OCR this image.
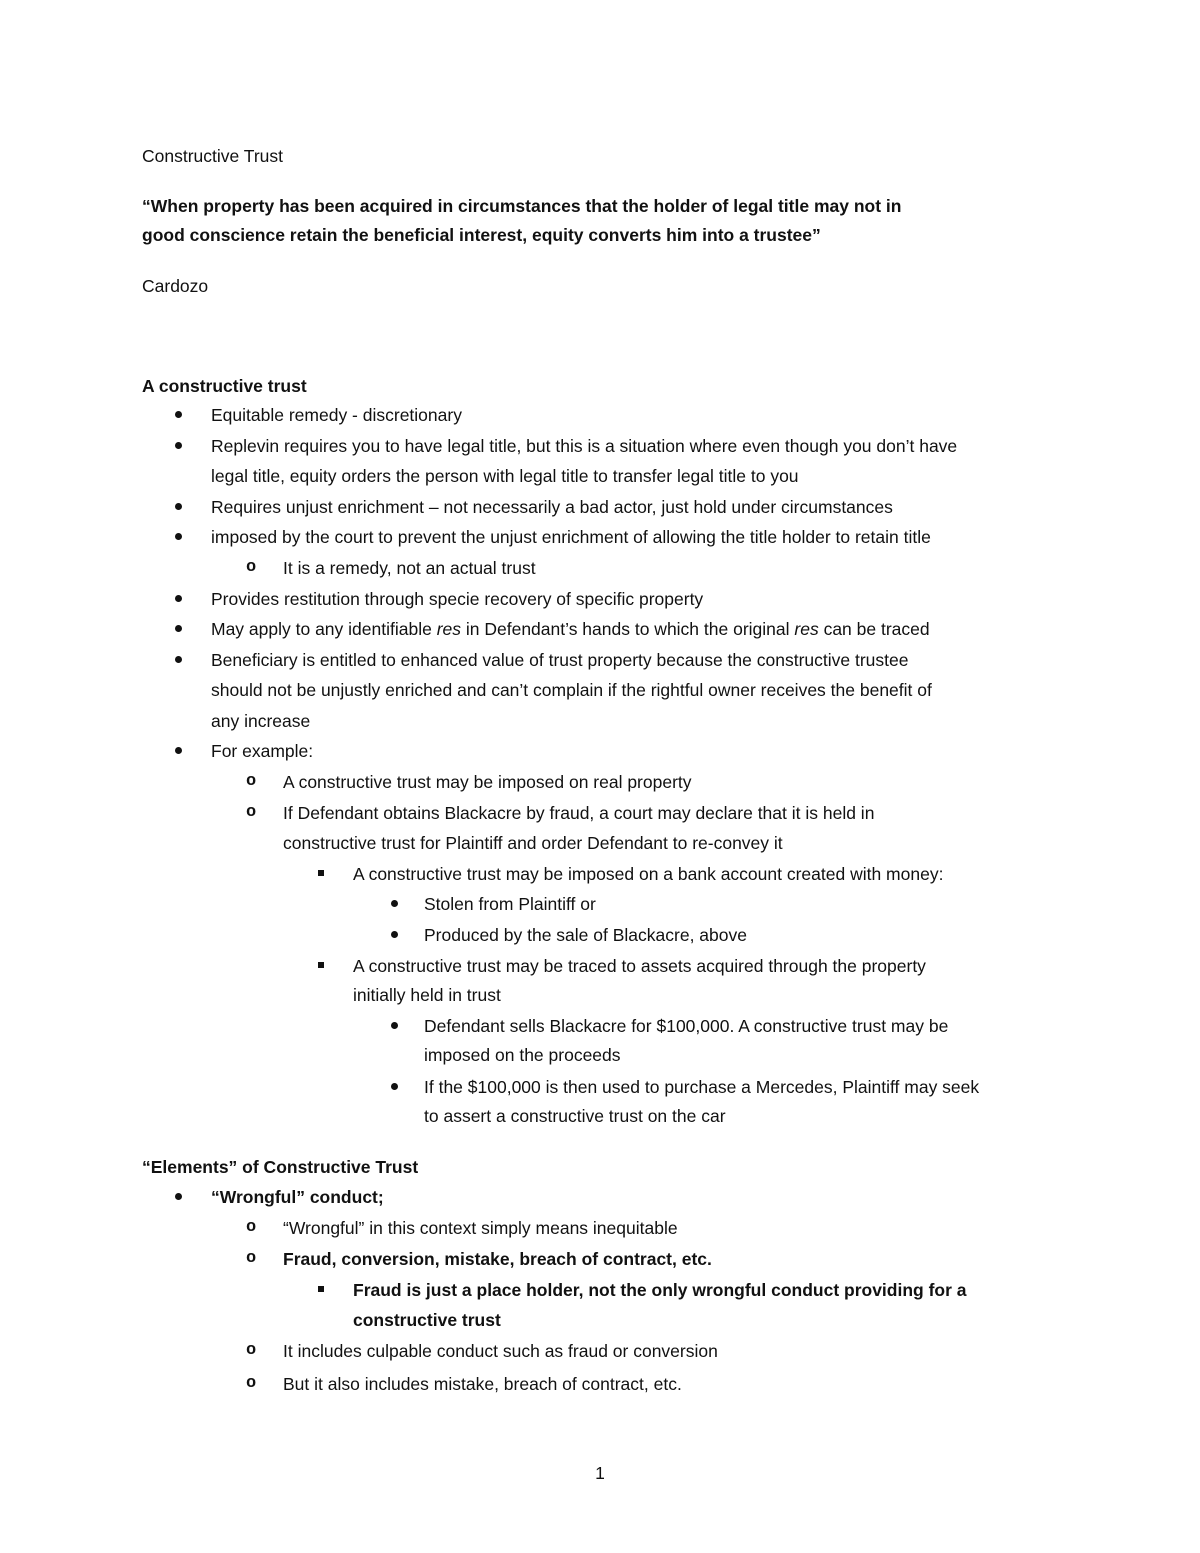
Constructive Trust
“When property has been acquired in circumstances that the holder of legal title may not in
good conscience retain the beneficial interest, equity converts him into a trustee”
Cardozo
A constructive trust
Equitable remedy - discretionary
Replevin requires you to have legal title, but this is a situation where even though you don’t have
legal title, equity orders the person with legal title to transfer legal title to you
Requires unjust enrichment – not necessarily a bad actor, just hold under circumstances
imposed by the court to prevent the unjust enrichment of allowing the title holder to retain title
o It is a remedy, not an actual trust
Provides restitution through specie recovery of specific property
May apply to any identifiable res in Defendant’s hands to which the original res can be traced
Beneficiary is entitled to enhanced value of trust property because the constructive trustee
should not be unjustly enriched and can’t complain if the rightful owner receives the benefit of
any increase
For example:
o A constructive trust may be imposed on real property
o If Defendant obtains Blackacre by fraud, a court may declare that it is held in
constructive trust for Plaintiff and order Defendant to re-convey it
A constructive trust may be imposed on a bank account created with money:
Stolen from Plaintiff or
Produced by the sale of Blackacre, above
A constructive trust may be traced to assets acquired through the property
initially held in trust
Defendant sells Blackacre for $100,000. A constructive trust may be
imposed on the proceeds
If the $100,000 is then used to purchase a Mercedes, Plaintiff may seek
to assert a constructive trust on the car
“Elements” of Constructive Trust
“Wrongful” conduct;
o “Wrongful” in this context simply means inequitable
o Fraud, conversion, mistake, breach of contract, etc.
Fraud is just a place holder, not the only wrongful conduct providing for a
constructive trust
o It includes culpable conduct such as fraud or conversion
o But it also includes mistake, breach of contract, etc.
1
